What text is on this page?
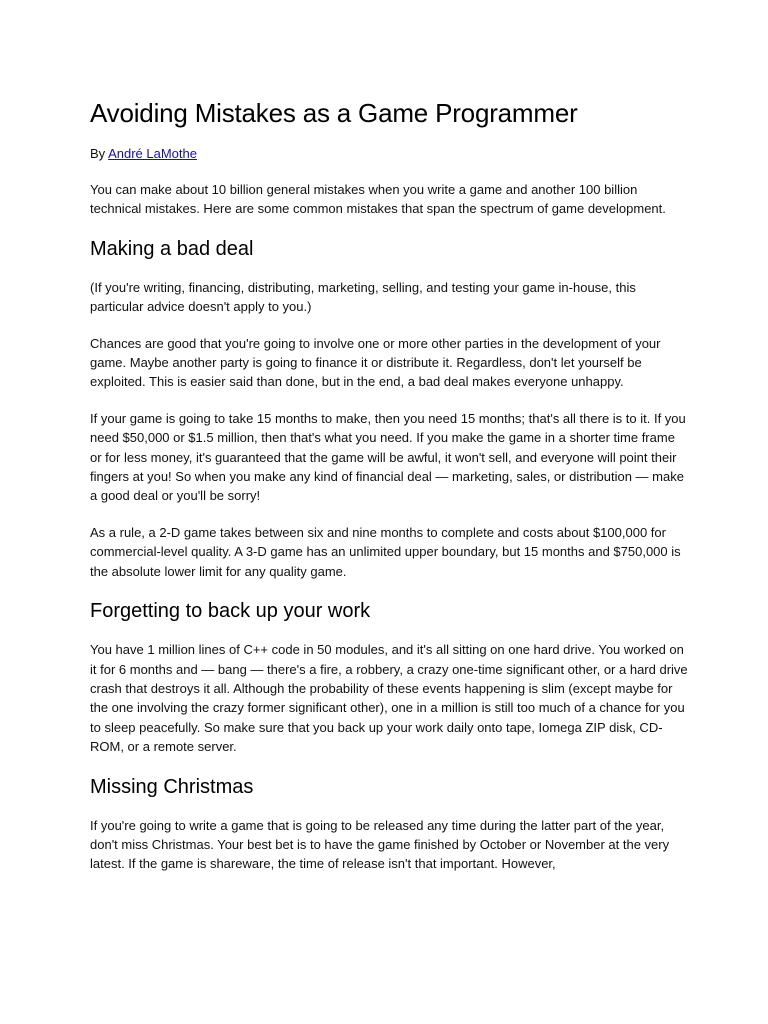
Avoiding Mistakes as a Game Programmer
By André LaMothe

You can make about 10 billion general mistakes when you write a game and another 100 billion technical mistakes. Here are some common mistakes that span the spectrum of game development.

Making a bad deal

(If you're writing, financing, distributing, marketing, selling, and testing your game in-house, this particular advice doesn't apply to you.)

Chances are good that you're going to involve one or more other parties in the development of your game. Maybe another party is going to finance it or distribute it. Regardless, don't let yourself be exploited. This is easier said than done, but in the end, a bad deal makes everyone unhappy.

If your game is going to take 15 months to make, then you need 15 months; that's all there is to it. If you need $50,000 or $1.5 million, then that's what you need. If you make the game in a shorter time frame or for less money, it's guaranteed that the game will be awful, it won't sell, and everyone will point their fingers at you! So when you make any kind of financial deal — marketing, sales, or distribution — make a good deal or you'll be sorry!

As a rule, a 2-D game takes between six and nine months to complete and costs about $100,000 for commercial-level quality. A 3-D game has an unlimited upper boundary, but 15 months and $750,000 is the absolute lower limit for any quality game.

Forgetting to back up your work

You have 1 million lines of C++ code in 50 modules, and it's all sitting on one hard drive. You worked on it for 6 months and — bang — there's a fire, a robbery, a crazy one-time significant other, or a hard drive crash that destroys it all. Although the probability of these events happening is slim (except maybe for the one involving the crazy former significant other), one in a million is still too much of a chance for you to sleep peacefully. So make sure that you back up your work daily onto tape, Iomega ZIP disk, CD-ROM, or a remote server.

Missing Christmas

If you're going to write a game that is going to be released any time during the latter part of the year, don't miss Christmas. Your best bet is to have the game finished by October or November at the very latest. If the game is shareware, the time of release isn't that important. However,
